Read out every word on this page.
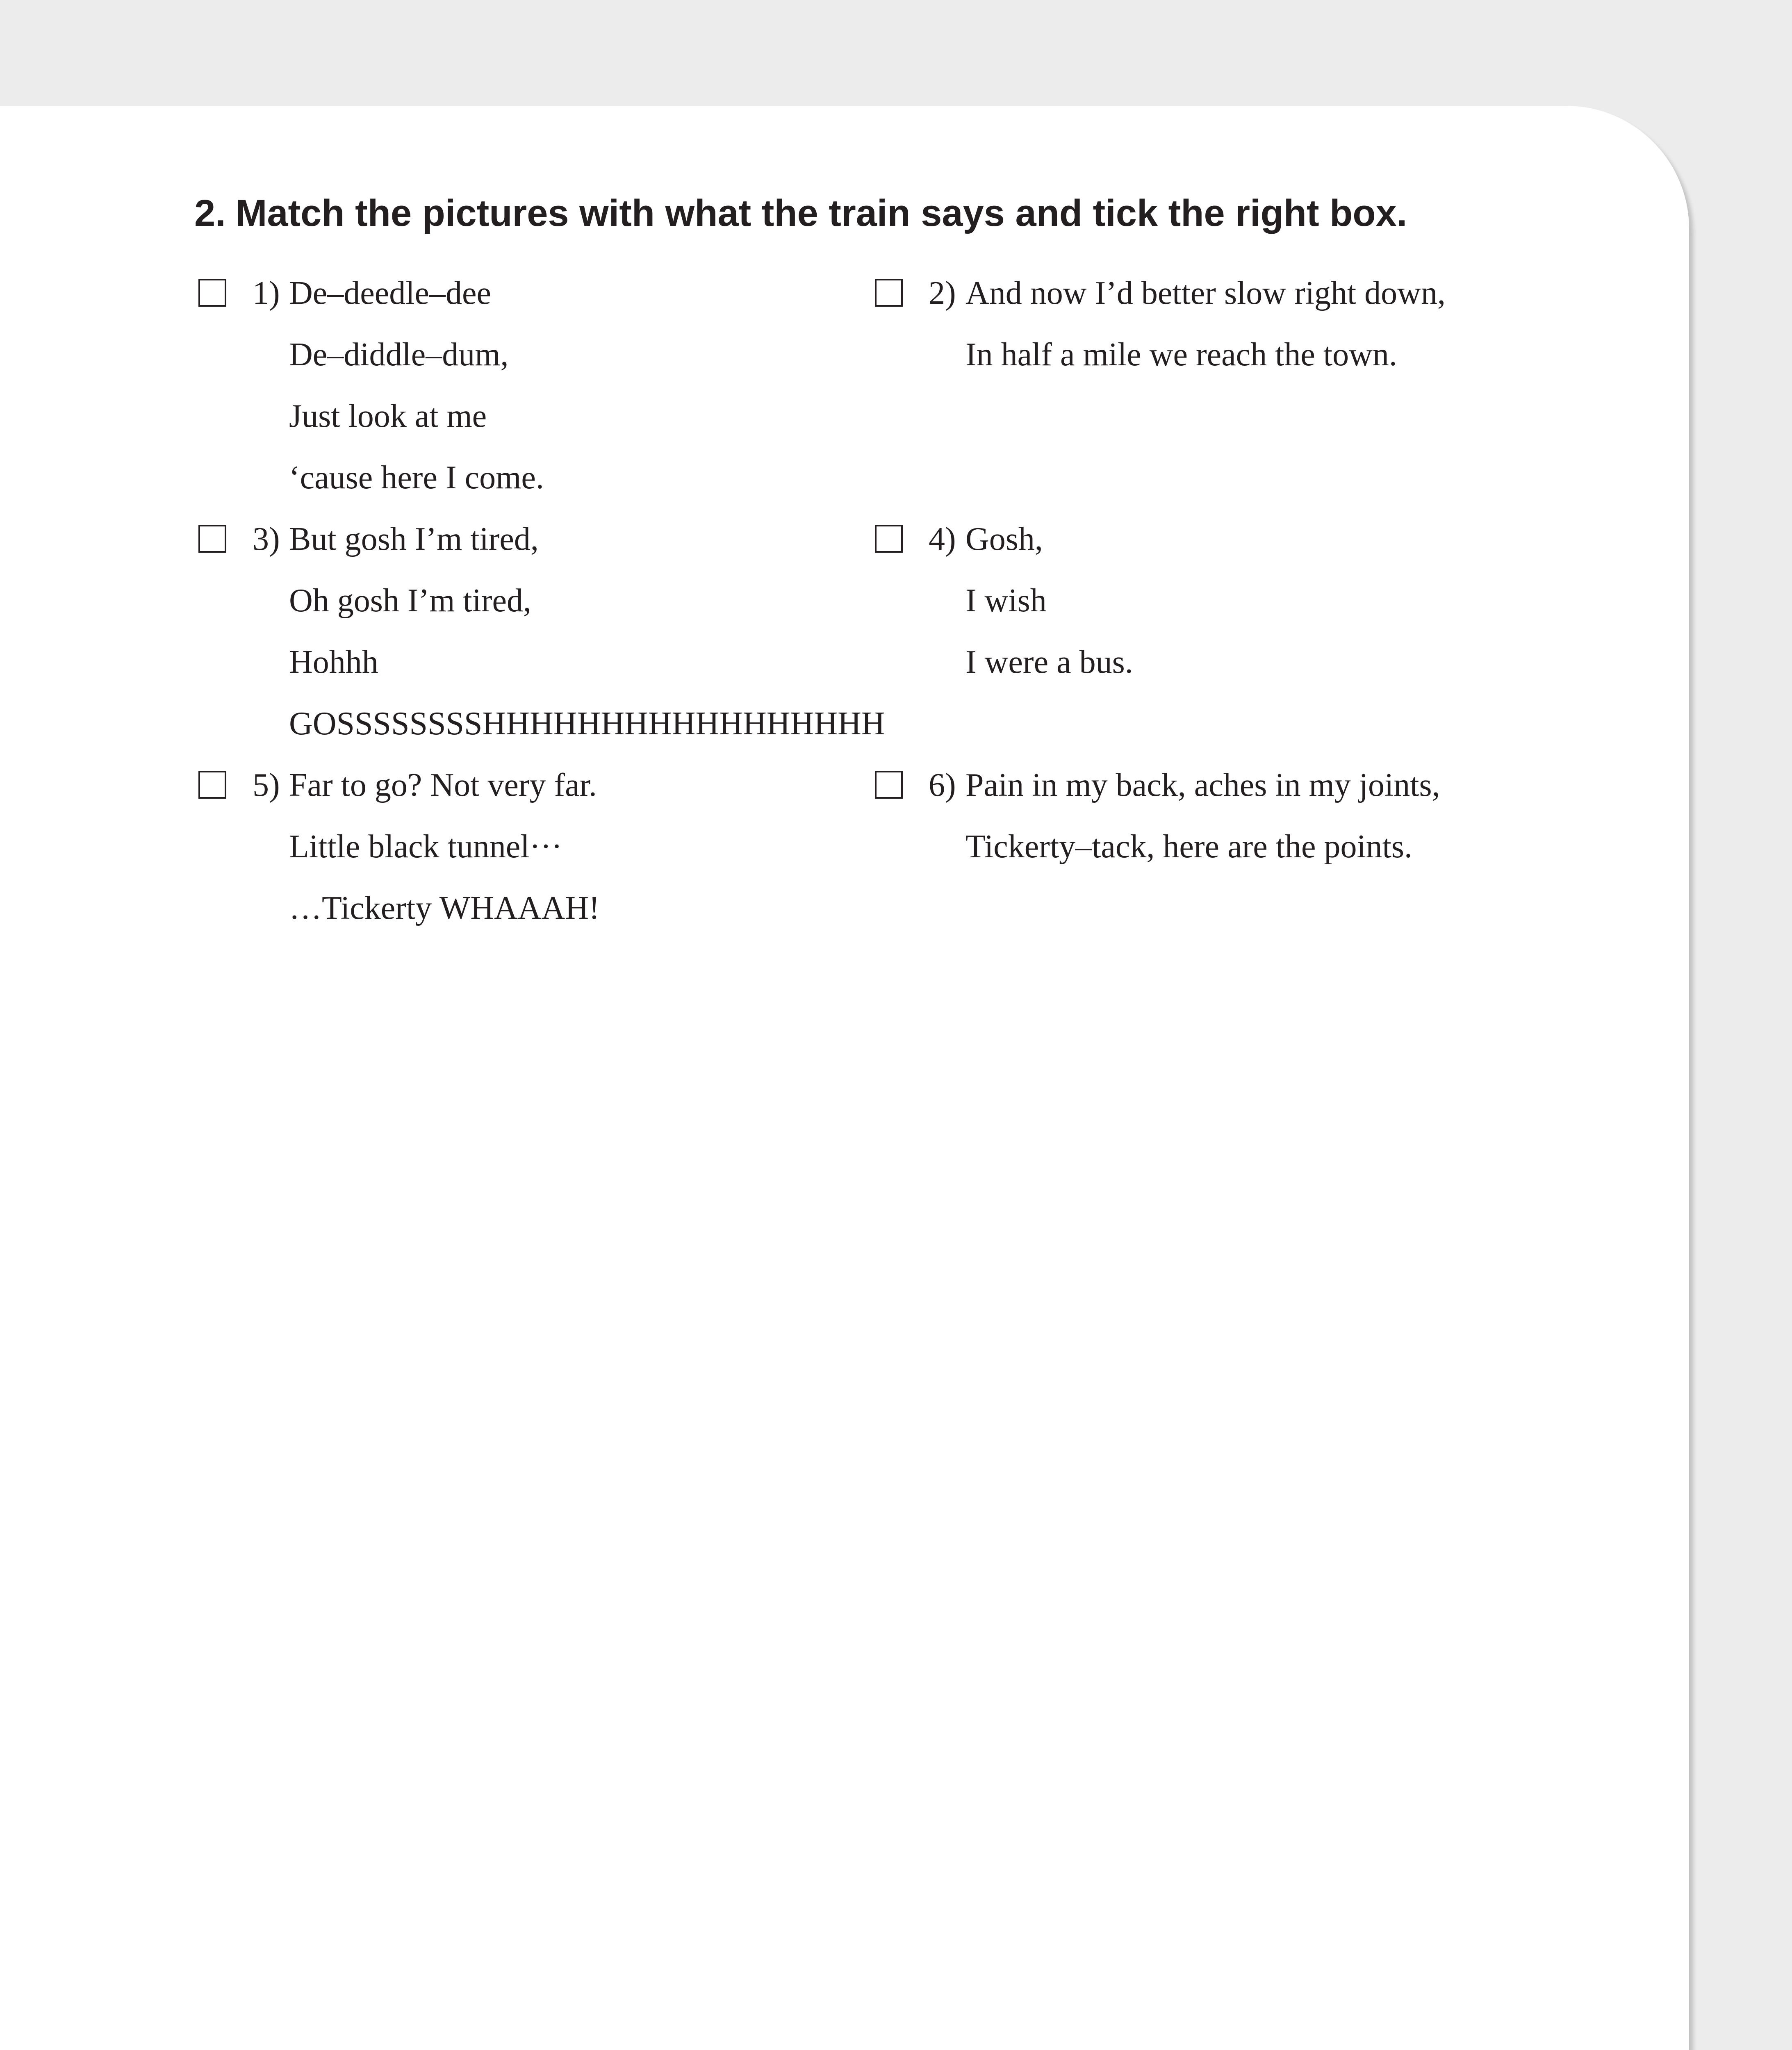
2. Match the pictures with what the train says and tick the right box.
1) De–deedle–dee
De–diddle–dum,
Just look at me
‘cause here I come.
2) And now I’d better slow right down,
In half a mile we reach the town.
3) But gosh I’m tired,
Oh gosh I’m tired,
Hohhh
GOSSSSSSSSHHHHHHHHHHHHHHHHH
4) Gosh,
I wish
I were a bus.
5) Far to go? Not very far.
Little black tunnel···
…Tickerty WHAAAH!
6) Pain in my back, aches in my joints,
Tickerty–tack, here are the points.
